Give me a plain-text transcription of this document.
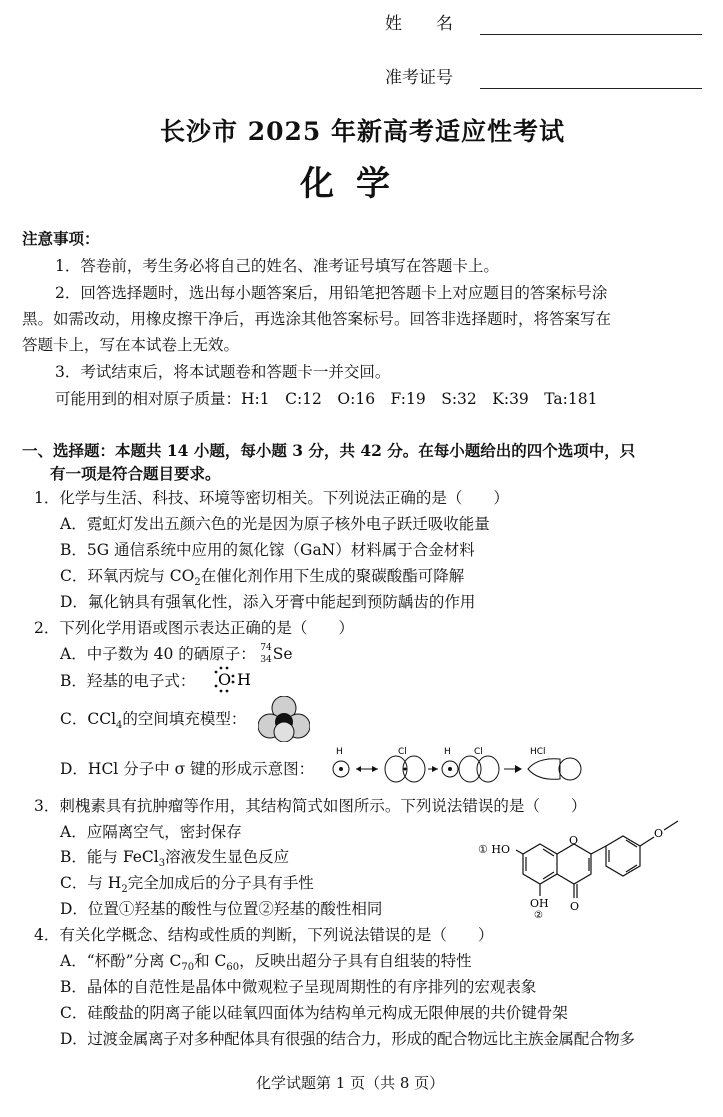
姓　　名
准考证号
长沙市 2025 年新高考适应性考试
化学
注意事项：
1．答卷前，考生务必将自己的姓名、准考证号填写在答题卡上。
2．回答选择题时，选出每小题答案后，用铅笔把答题卡上对应题目的答案标号涂
黑。如需改动，用橡皮擦干净后，再选涂其他答案标号。回答非选择题时，将答案写在
答题卡上，写在本试卷上无效。
3．考试结束后，将本试题卷和答题卡一并交回。
可能用到的相对原子质量：H:1　C:12　O:16　F:19　S:32　K:39　Ta:181
一、选择题：本题共 14 小题，每小题 3 分，共 42 分。在每小题给出的四个选项中，只
有一项是符合题目要求。
1．化学与生活、科技、环境等密切相关。下列说法正确的是（　　）
A．霓虹灯发出五颜六色的光是因为原子核外电子跃迁吸收能量
B．5G 通信系统中应用的氮化镓（GaN）材料属于合金材料
C．环氧丙烷与 $CO_2$在催化剂作用下生成的聚碳酸酯可降解
D．氟化钠具有强氧化性，添入牙膏中能起到预防龋齿的作用
2．下列化学用语或图示表达正确的是（　　）
A．中子数为 40 的硒原子： 74
34 Se
B．羟基的电子式： O H
C．CCl$_4$的空间填充模型：
D．HCl 分子中 σ 键的形成示意图：
H	Cl	H	Cl	HCl
3．刺槐素具有抗肿瘤等作用，其结构简式如图所示。下列说法错误的是（　　）
A．应隔离空气，密封保存
B．能与 FeCl$_3$溶液发生显色反应
C．与 $H_2$完全加成后的分子具有手性
D．位置①羟基的酸性与位置②羟基的酸性相同
O
O
O
① HO
OH
②
4．有关化学概念、结构或性质的判断，下列说法错误的是（　　）
A．“杯酚”分离 $C_{70}$和 $C_{60}$，反映出超分子具有自组装的特性
B．晶体的自范性是晶体中微观粒子呈现周期性的有序排列的宏观表象
C．硅酸盐的阴离子能以硅氧四面体为结构单元构成无限伸展的共价键骨架
D．过渡金属离子对多种配体具有很强的结合力，形成的配合物远比主族金属配合物多
化学试题第 1 页（共 8 页）
